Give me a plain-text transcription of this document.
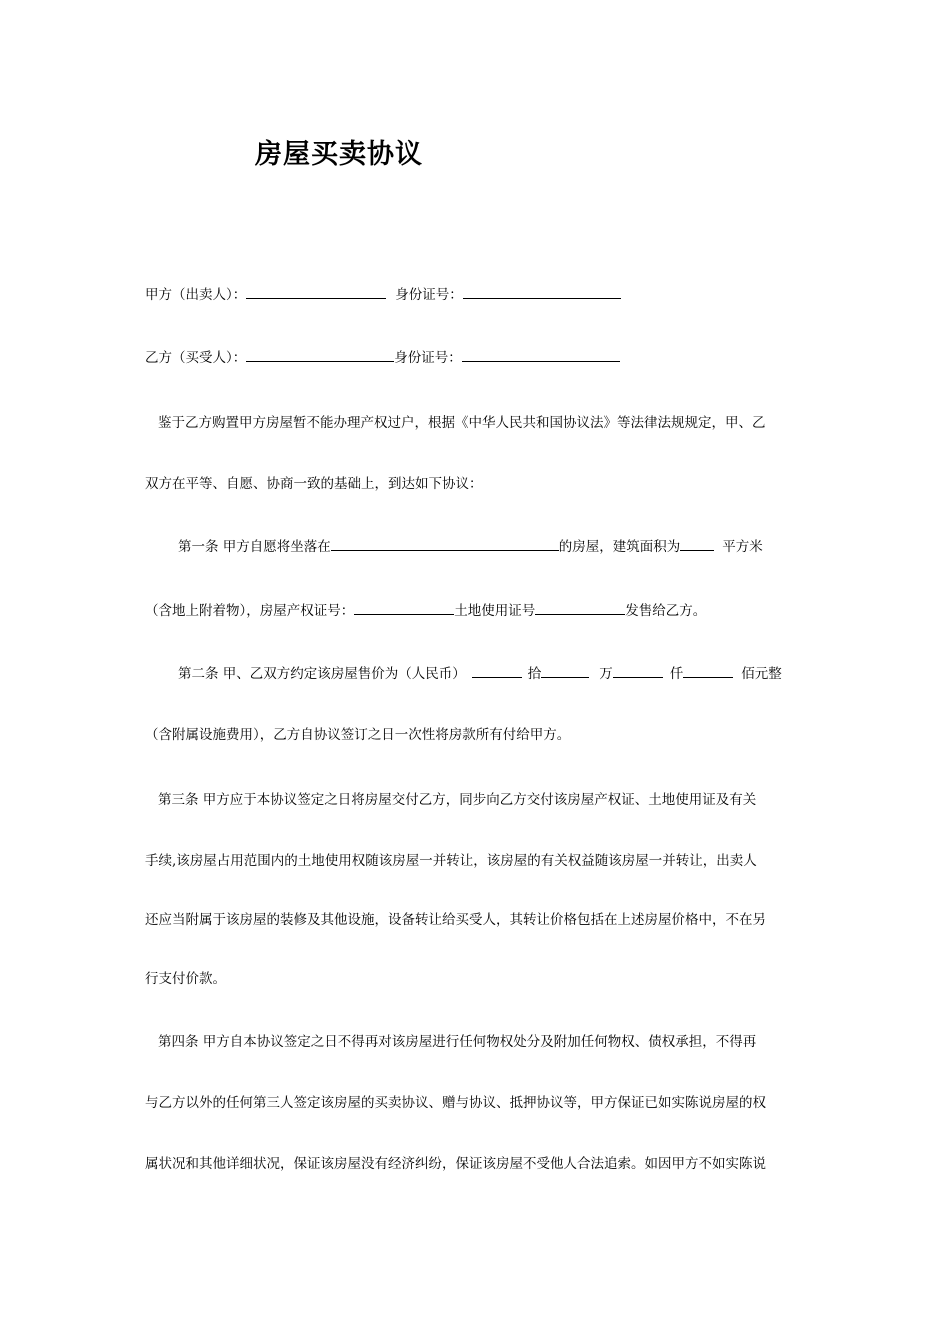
房屋买卖协议
甲方（出卖人）：	身份证号：
乙方（买受人）：	身份证号：
鉴于乙方购置甲方房屋暂不能办理产权过户，根据《中华人民共和国协议法》等法律法规规定，甲、乙
双方在平等、自愿、协商一致的基础上，到达如下协议：
第一条 甲方自愿将坐落在	的房屋，建筑面积为	平方米
（含地上附着物），房屋产权证号：	土地使用证号	发售给乙方。
第二条 甲、乙双方约定该房屋售价为（人民币）	拾	万	仟	佰元整
（含附属设施费用），乙方自协议签订之日一次性将房款所有付给甲方。
第三条 甲方应于本协议签定之日将房屋交付乙方，同步向乙方交付该房屋产权证、土地使用证及有关
手续,该房屋占用范围内的土地使用权随该房屋一并转让，该房屋的有关权益随该房屋一并转让，出卖人
还应当附属于该房屋的装修及其他设施，设备转让给买受人，其转让价格包括在上述房屋价格中，不在另
行支付价款。
第四条 甲方自本协议签定之日不得再对该房屋进行任何物权处分及附加任何物权、债权承担，不得再
与乙方以外的任何第三人签定该房屋的买卖协议、赠与协议、抵押协议等，甲方保证已如实陈说房屋的权
属状况和其他详细状况，保证该房屋没有经济纠纷，保证该房屋不受他人合法追索。如因甲方不如实陈说
